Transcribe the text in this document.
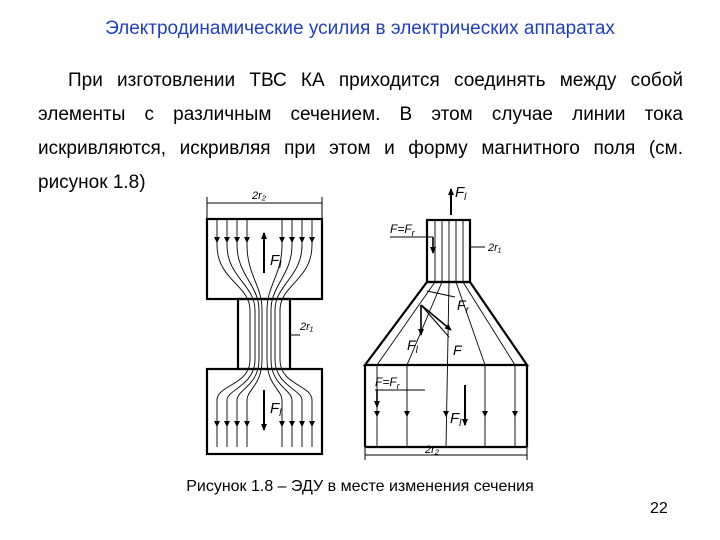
Электродинамические усилия в электрических аппаратах

При изготовлении ТВС КА приходится соединять между собой элементы с различным сечением. В этом случае линии тока искривляются, искривляя при этом и форму магнитного поля (см. рисунок 1.8)

2r₂
$F_l$
2r₁
$F_l$
$F_l$
$F=F_r$
2r₁
$F_r$
$F_l$	F
$F=F_r$
$F_l$
2r₂
Рисунок 1.8 – ЭДУ в месте изменения сечения
22
